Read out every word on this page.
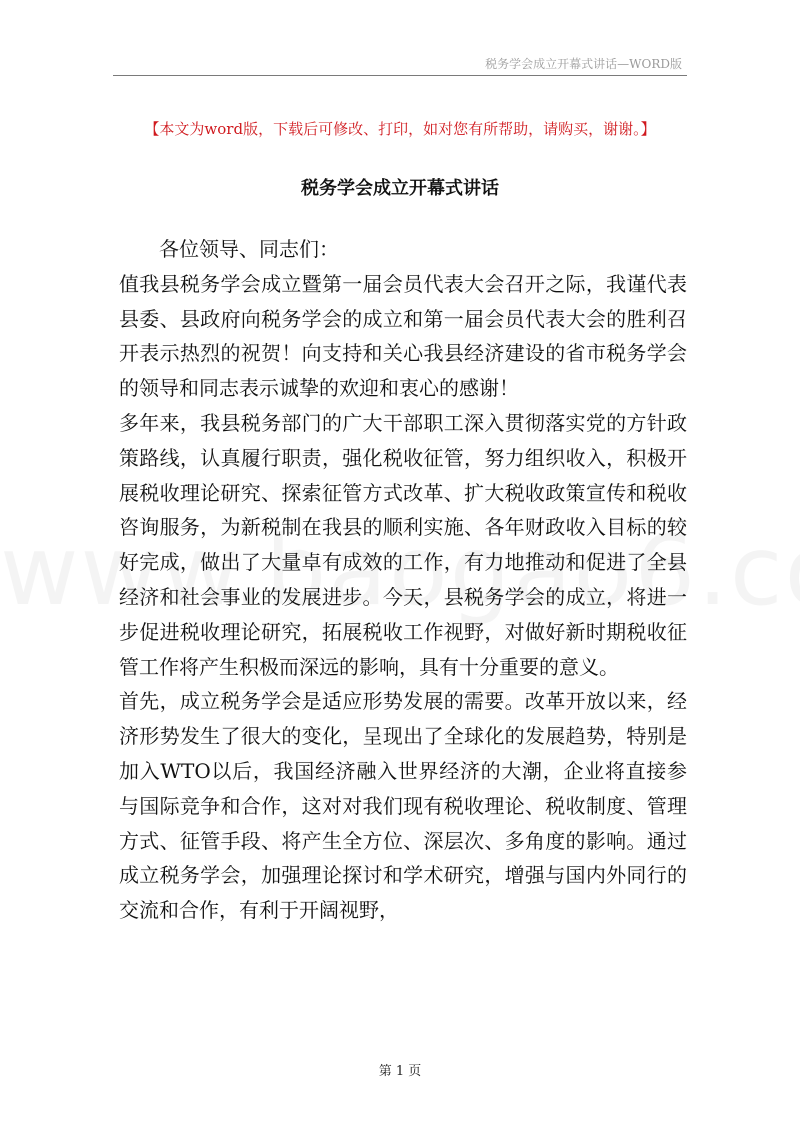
税务学会成立开幕式讲话—WORD版
【本文为word版，下载后可修改、打印，如对您有所帮助，请购买，谢谢。】
税务学会成立开幕式讲话

各位领导、同志们：

值我县税务学会成立暨第一届会员代表大会召开之际，我谨代表县委、县政府向税务学会的成立和第一届会员代表大会的胜利召开表示热烈的祝贺！向支持和关心我县经济建设的省市税务学会的领导和同志表示诚挚的欢迎和衷心的感谢！

多年来，我县税务部门的广大干部职工深入贯彻落实党的方针政策路线，认真履行职责，强化税收征管，努力组织收入，积极开展税收理论研究、探索征管方式改革、扩大税收政策宣传和税收咨询服务，为新税制在我县的顺利实施、各年财政收入目标的较好完成，做出了大量卓有成效的工作，有力地推动和促进了全县经济和社会事业的发展进步。今天，县税务学会的成立，将进一步促进税收理论研究，拓展税收工作视野，对做好新时期税收征管工作将产生积极而深远的影响，具有十分重要的意义。

首先，成立税务学会是适应形势发展的需要。改革开放以来，经济形势发生了很大的变化，呈现出了全球化的发展趋势，特别是加入WTO以后，我国经济融入世界经济的大潮，企业将直接参与国际竞争和合作，这对对我们现有税收理论、税收制度、管理方式、征管手段、将产生全方位、深层次、多角度的影响。通过成立税务学会，加强理论探讨和学术研究，增强与国内外同行的交流和合作，有利于开阔视野，

第 1 页
